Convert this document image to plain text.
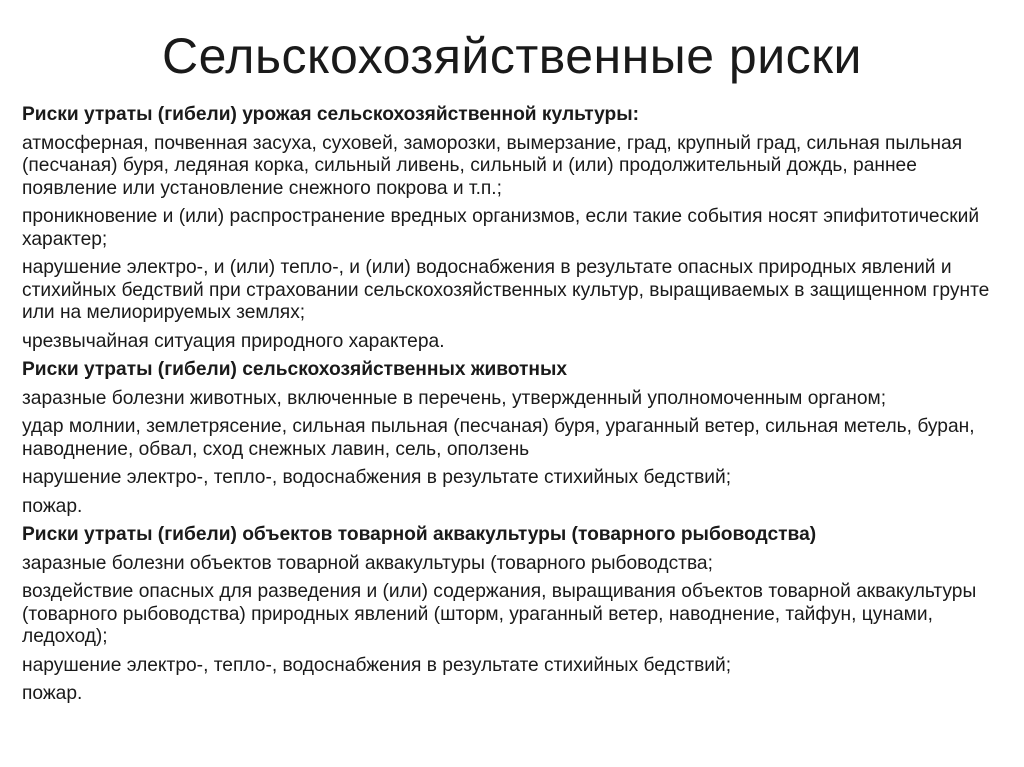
Сельскохозяйственные риски
Риски утраты (гибели) урожая сельскохозяйственной культуры:
атмосферная, почвенная засуха, суховей, заморозки, вымерзание, град, крупный град, сильная пыльная (песчаная) буря, ледяная корка, сильный ливень, сильный и (или) продолжительный дождь, раннее появление или установление снежного покрова и т.п.;
проникновение и (или) распространение вредных организмов, если такие события носят эпифитотический характер;
нарушение электро-, и (или) тепло-, и (или) водоснабжения в результате опасных природных явлений и стихийных бедствий при страховании сельскохозяйственных культур, выращиваемых в защищенном грунте или на мелиорируемых землях;
чрезвычайная ситуация природного характера.
Риски утраты (гибели) сельскохозяйственных животных
заразные болезни животных, включенные в перечень, утвержденный уполномоченным органом;
удар молнии, землетрясение, сильная пыльная (песчаная) буря, ураганный ветер, сильная метель, буран, наводнение, обвал, сход снежных лавин, сель, оползень
нарушение электро-, тепло-, водоснабжения в результате стихийных бедствий;
пожар.
Риски утраты (гибели) объектов товарной аквакультуры (товарного рыбоводства)
заразные болезни объектов товарной аквакультуры (товарного рыбоводства;
воздействие опасных для разведения и (или) содержания, выращивания объектов товарной аквакультуры (товарного рыбоводства) природных явлений (шторм, ураганный ветер, наводнение, тайфун, цунами, ледоход);
нарушение электро-, тепло-, водоснабжения в результате стихийных бедствий;
пожар.
